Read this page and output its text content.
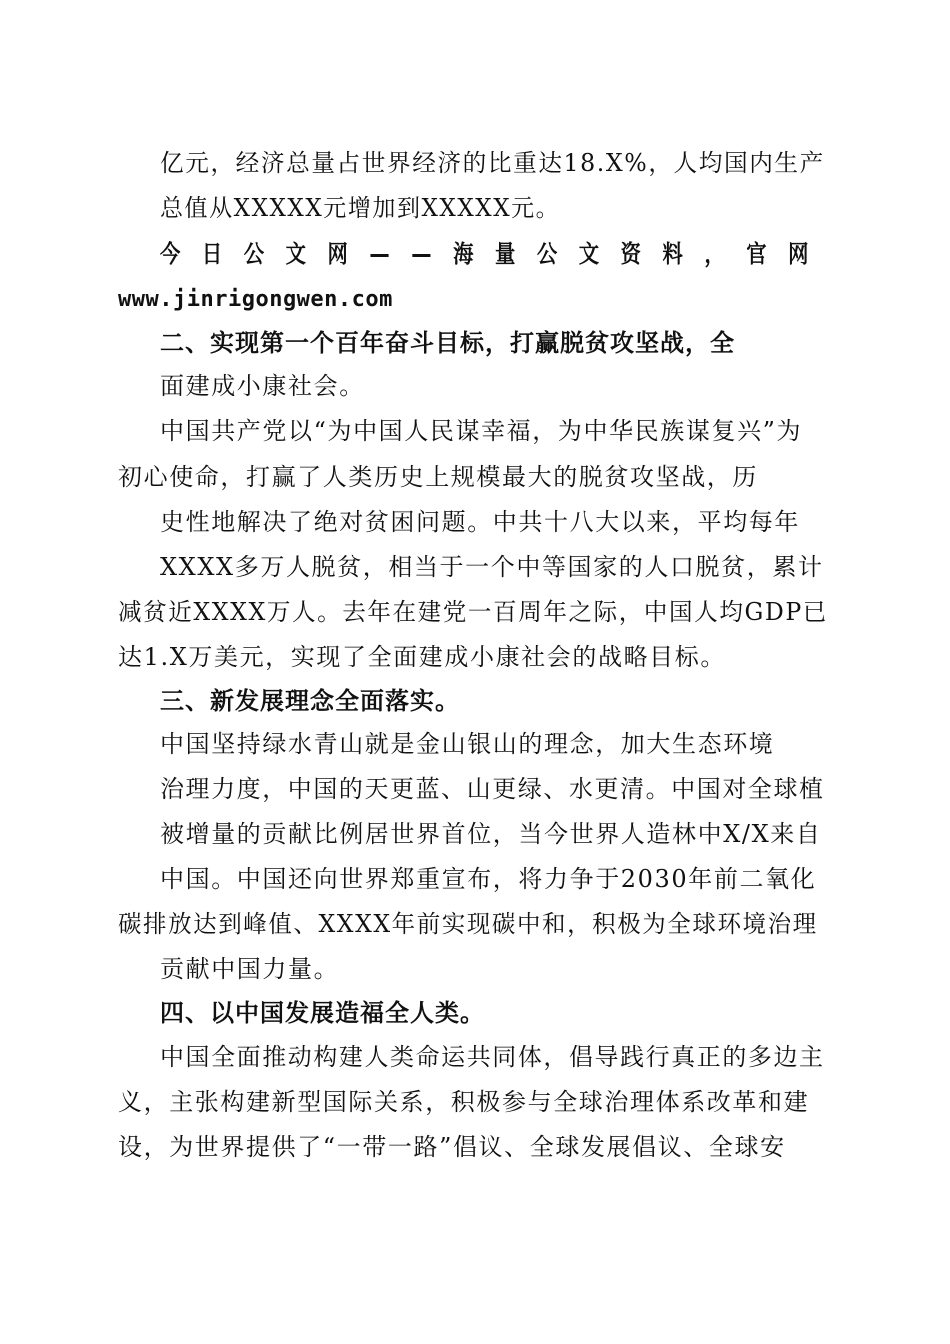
亿元，经济总量占世界经济的比重达18.X%，人均国内生产
总值从XXXXX元增加到XXXXX元。
今日公文网——海量公文资料，官网
www.jinrigongwen.com
二、实现第一个百年奋斗目标，打赢脱贫攻坚战，全
面建成小康社会。
中国共产党以“为中国人民谋幸福，为中华民族谋复兴”为
初心使命，打赢了人类历史上规模最大的脱贫攻坚战，历
史性地解决了绝对贫困问题。中共十八大以来，平均每年
XXXX多万人脱贫，相当于一个中等国家的人口脱贫，累计
减贫近XXXX万人。去年在建党一百周年之际，中国人均GDP已
达1.X万美元，实现了全面建成小康社会的战略目标。
三、新发展理念全面落实。
中国坚持绿水青山就是金山银山的理念，加大生态环境
治理力度，中国的天更蓝、山更绿、水更清。中国对全球植
被增量的贡献比例居世界首位，当今世界人造林中X/X来自
中国。中国还向世界郑重宣布，将力争于2030年前二氧化
碳排放达到峰值、XXXX年前实现碳中和，积极为全球环境治理
贡献中国力量。
四、以中国发展造福全人类。
中国全面推动构建人类命运共同体，倡导践行真正的多边主
义，主张构建新型国际关系，积极参与全球治理体系改革和建
设，为世界提供了“一带一路”倡议、全球发展倡议、全球安
